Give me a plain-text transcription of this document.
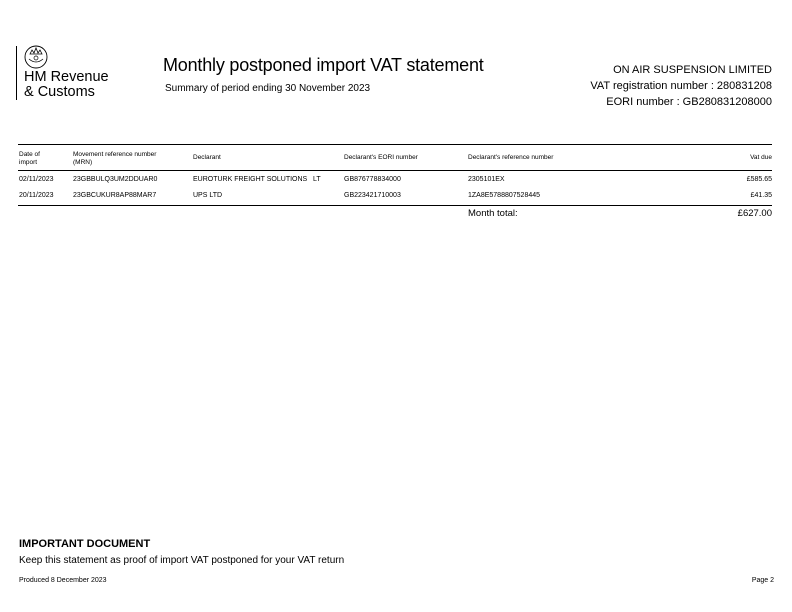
HM Revenue
& Customs
Monthly postponed import VAT statement
Summary of period ending 30 November 2023
ON AIR SUSPENSION LIMITED
VAT registration number : 280831208
EORI number : GB280831208000
Date of
import
Movement reference number
(MRN)
Declarant	Declarant's EORI number	Declarant's reference number	Vat due
02/11/2023	23GBBULQ3UM2DDUAR0	EUROTURK FREIGHT SOLUTIONS   LT	GB876778834000	2305101EX	£585.65
20/11/2023	23GBCUKUR8AP88MAR7	UPS LTD	GB223421710003	1ZA8E5788807528445	£41.35
Month total:	£627.00
IMPORTANT DOCUMENT
Keep this statement as proof of import VAT postponed for your VAT return
Produced 8 December 2023	Page 2
